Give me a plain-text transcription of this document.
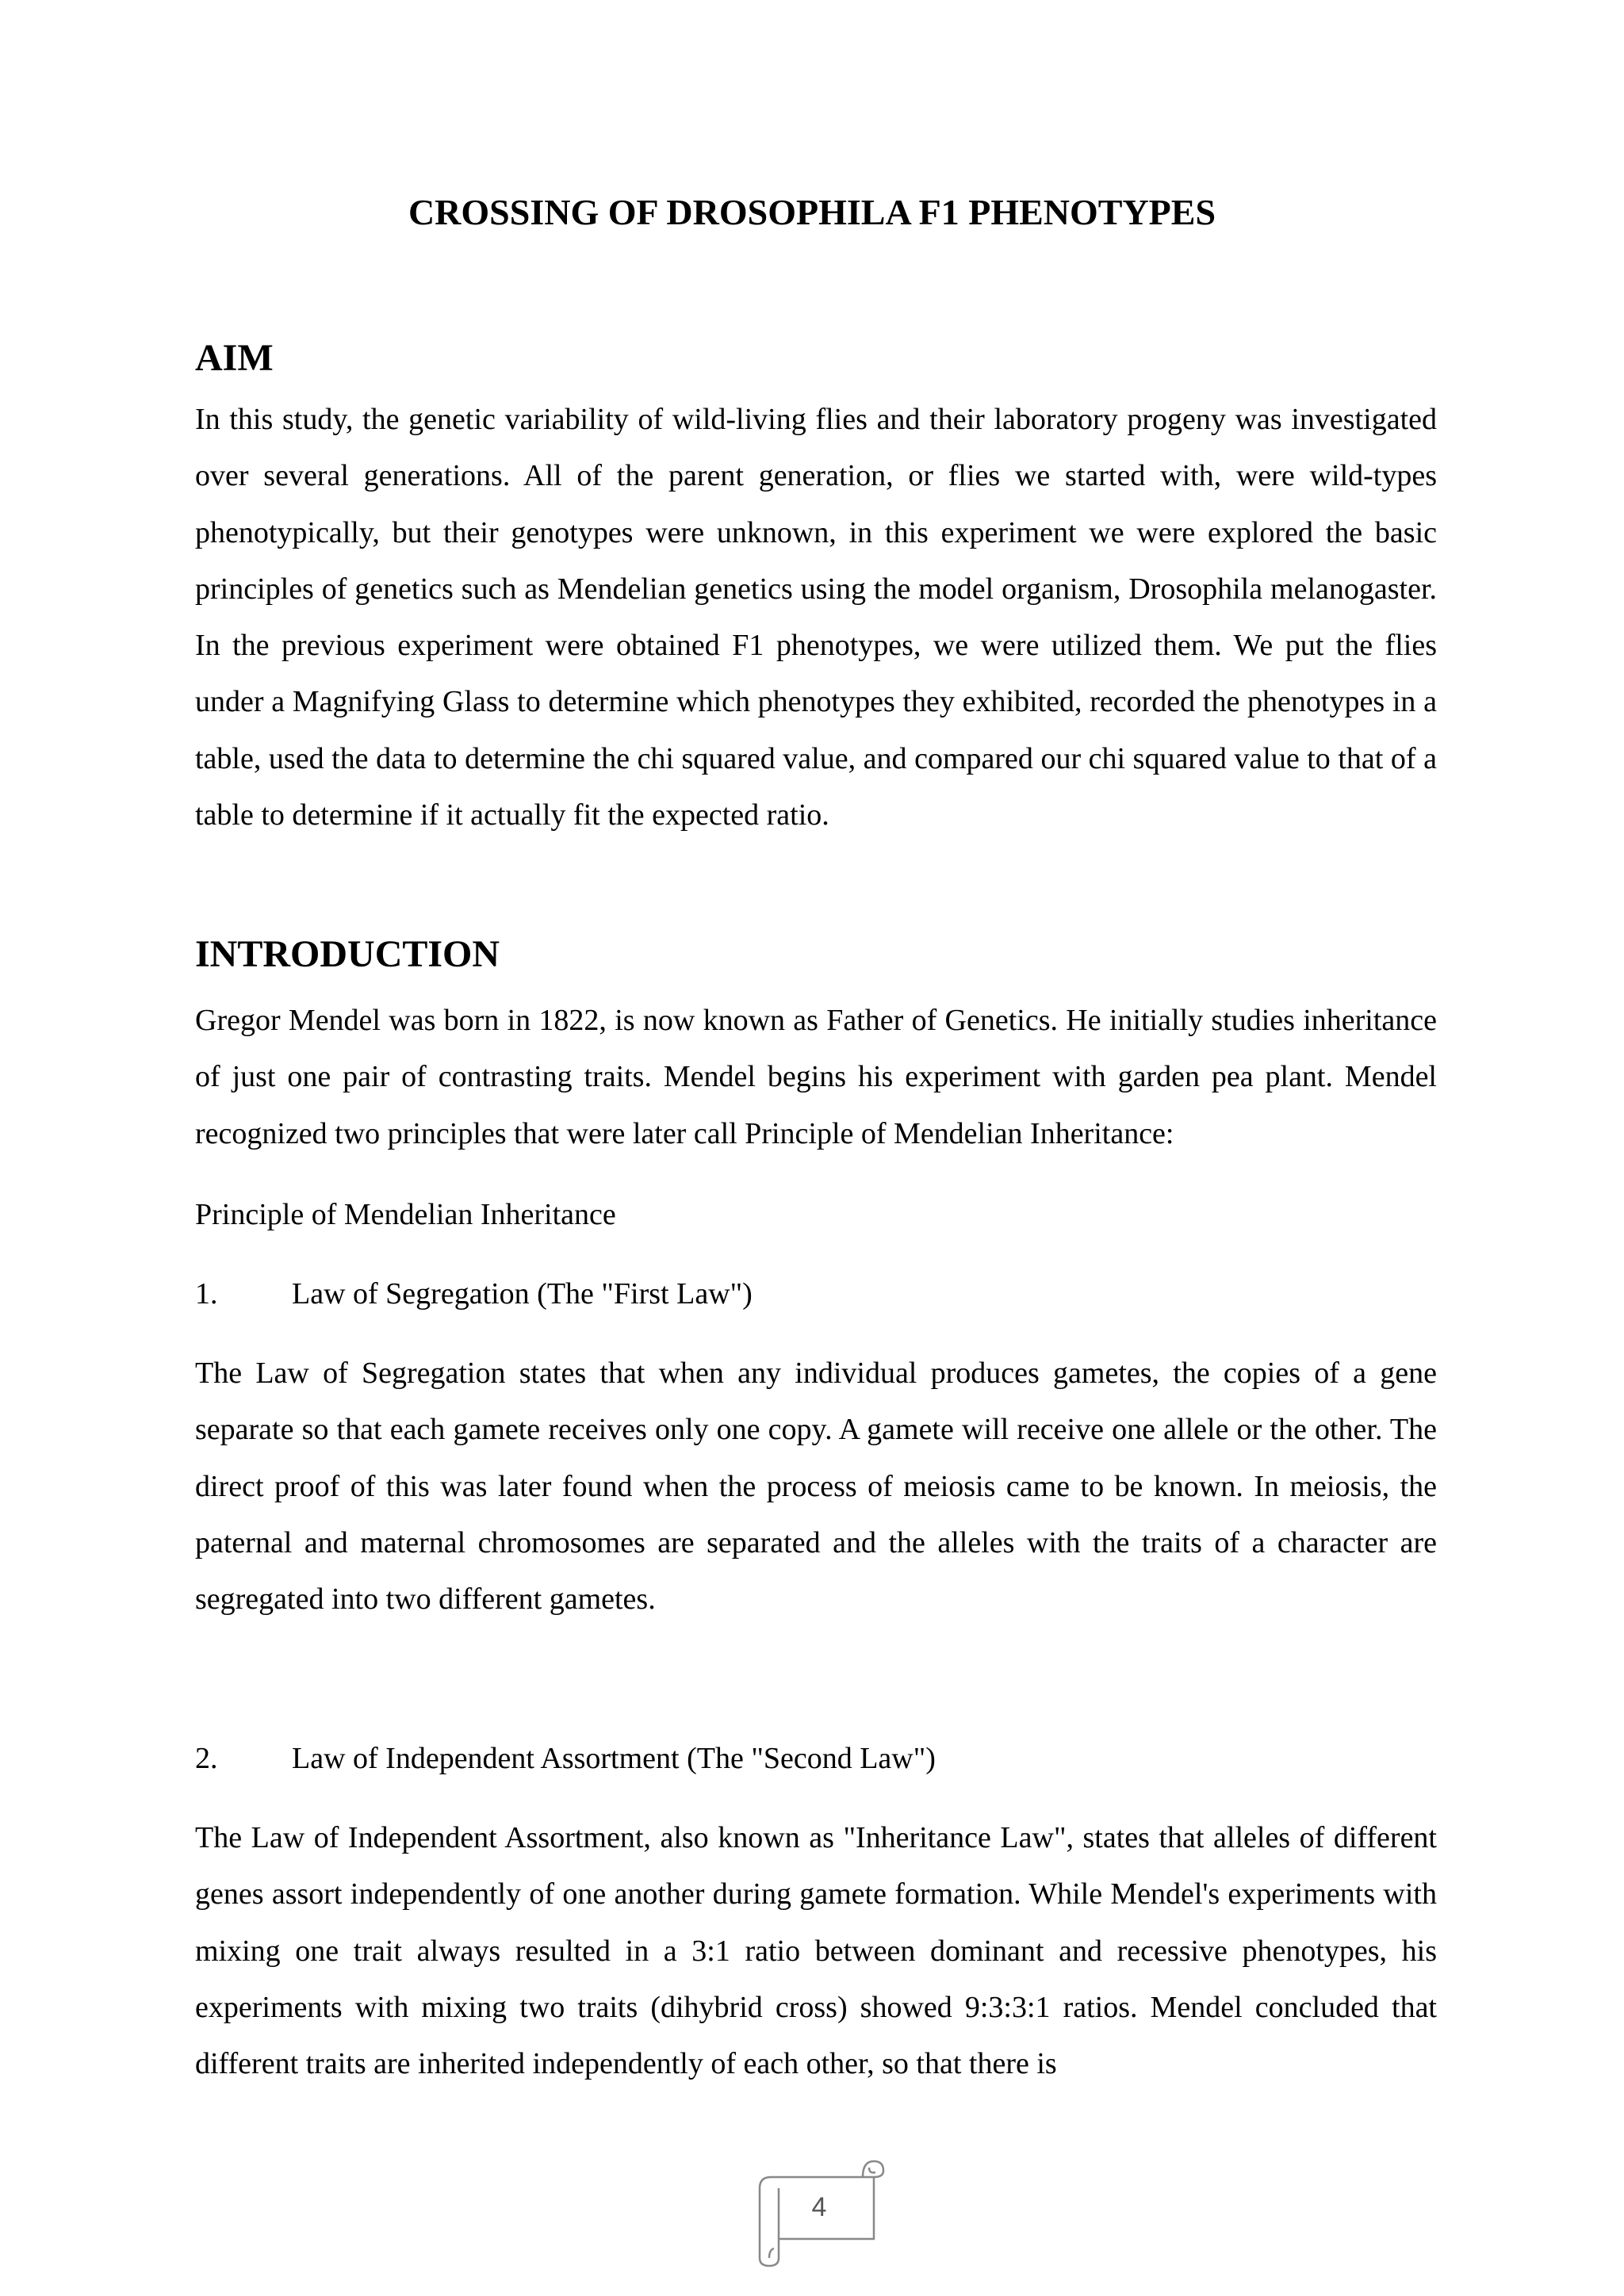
CROSSING OF DROSOPHILA F1 PHENOTYPES
AIM
In this study, the genetic variability of wild-living flies and their laboratory progeny was investigated over several generations. All of the parent generation, or flies we started with, were wild-types phenotypically, but their genotypes were unknown, in this experiment we were explored the basic principles of genetics such as Mendelian genetics using the model organism, Drosophila melanogaster. In the previous experiment were obtained F1 phenotypes, we were utilized them. We put the flies under a Magnifying Glass to determine which phenotypes they exhibited, recorded the phenotypes in a table, used the data to determine the chi squared value, and compared our chi squared value to that of a table to determine if it actually fit the expected ratio.
INTRODUCTION
Gregor Mendel was born in 1822, is now known as Father of Genetics. He initially studies inheritance of just one pair of contrasting traits. Mendel begins his experiment with garden pea plant. Mendel recognized two principles that were later call Principle of Mendelian Inheritance:
Principle of Mendelian Inheritance
1. Law of Segregation (The "First Law")
The Law of Segregation states that when any individual produces gametes, the copies of a gene separate so that each gamete receives only one copy. A gamete will receive one allele or the other. The direct proof of this was later found when the process of meiosis came to be known. In meiosis, the paternal and maternal chromosomes are separated and the alleles with the traits of a character are segregated into two different gametes.
2. Law of Independent Assortment (The "Second Law")
The Law of Independent Assortment, also known as "Inheritance Law", states that alleles of different genes assort independently of one another during gamete formation. While Mendel's experiments with mixing one trait always resulted in a 3:1 ratio between dominant and recessive phenotypes, his experiments with mixing two traits (dihybrid cross) showed 9:3:3:1 ratios. Mendel concluded that different traits are inherited independently of each other, so that there is
4
